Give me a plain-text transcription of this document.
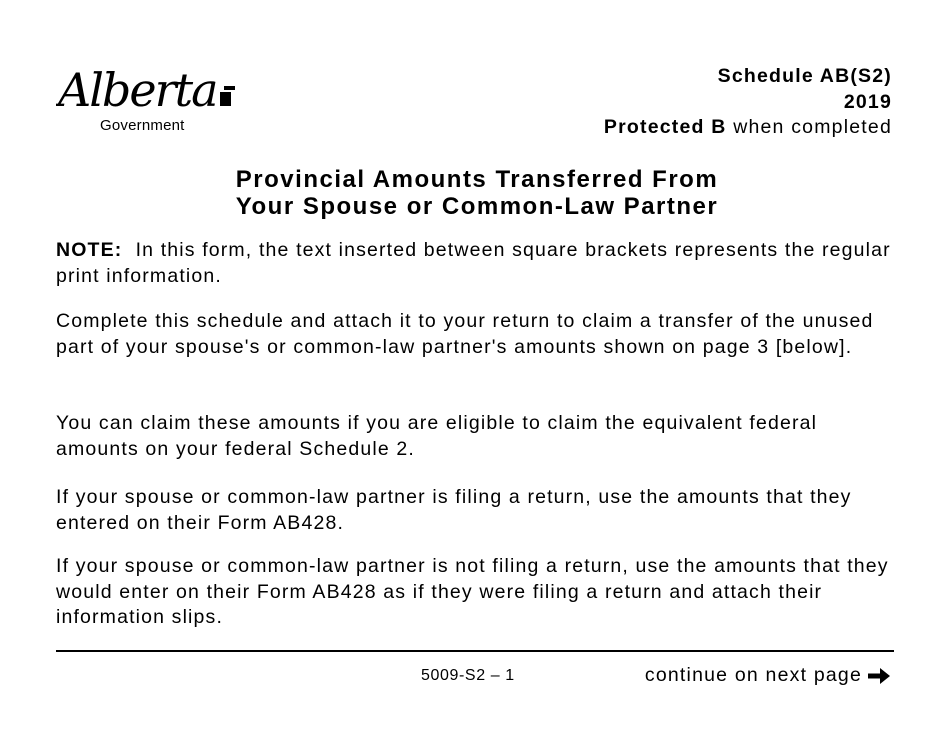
Alberta
Government
Schedule AB(S2)
2019
Protected B when completed
Provincial Amounts Transferred From
Your Spouse or Common-Law Partner
NOTE: In this form, the text inserted between square brackets represents the regular print information.
Complete this schedule and attach it to your return to claim a transfer of the unused part of your spouse's or common-law partner's amounts shown on page 3 [below].
You can claim these amounts if you are eligible to claim the equivalent federal amounts on your federal Schedule 2.
If your spouse or common-law partner is filing a return, use the amounts that they entered on their Form AB428.
If your spouse or common-law partner is not filing a return, use the amounts that they would enter on their Form AB428 as if they were filing a return and attach their information slips.
5009-S2 – 1	continue on next page
